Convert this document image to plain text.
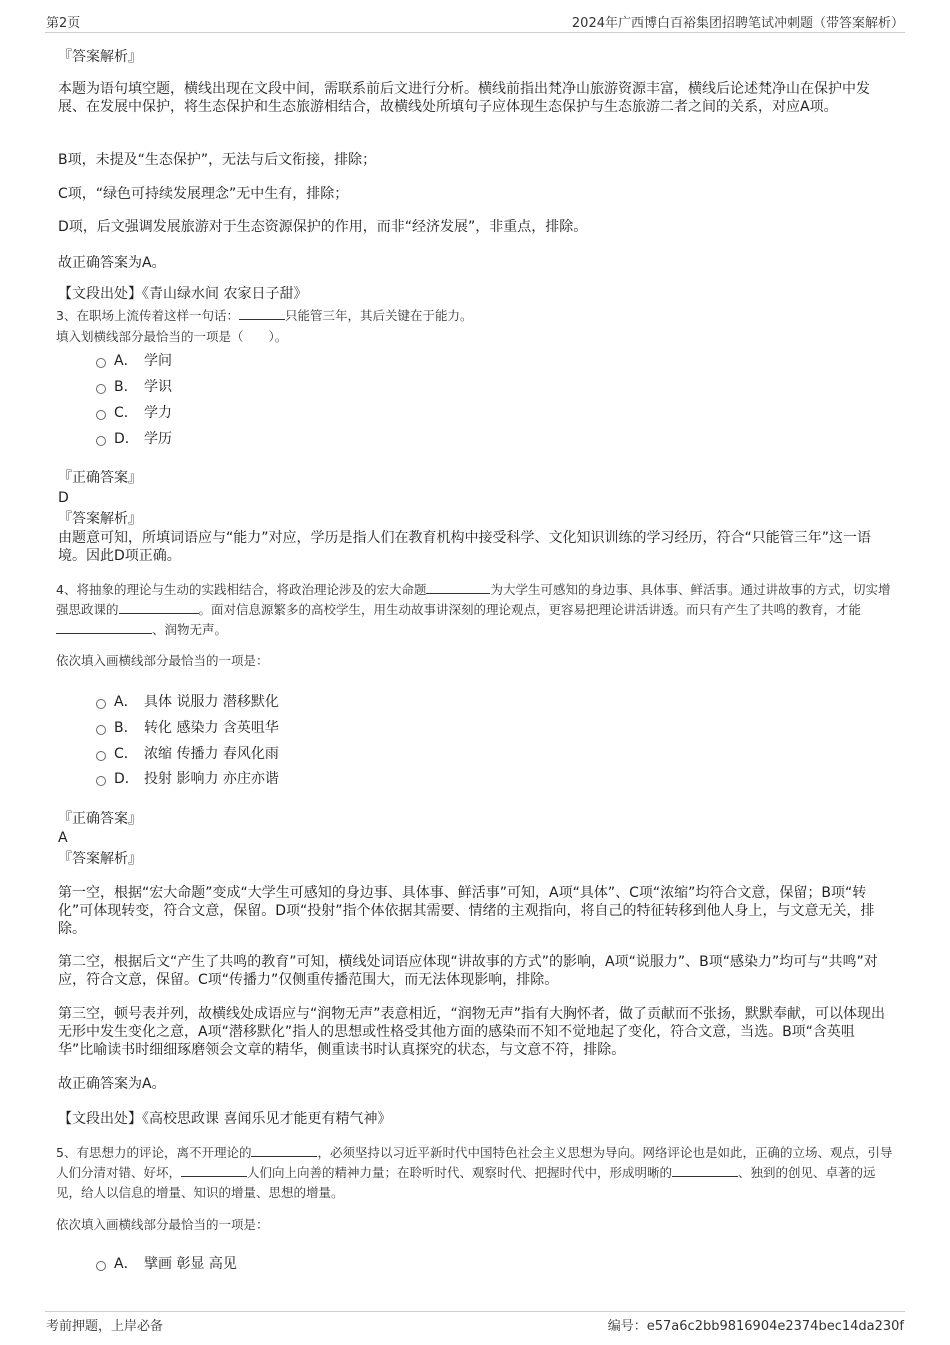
第2页	2024年广西博白百裕集团招聘笔试冲刺题（带答案解析）
『答案解析』
本题为语句填空题，横线出现在文段中间，需联系前后文进行分析。横线前指出梵净山旅游资源丰富，横线后论述梵净山在保护中发展、在发展中保护，将生态保护和生态旅游相结合，故横线处所填句子应体现生态保护与生态旅游二者之间的关系，对应A项。
B项，未提及“生态保护”，无法与后文衔接，排除；
C项，“绿色可持续发展理念”无中生有，排除；
D项，后文强调发展旅游对于生态资源保护的作用，而非“经济发展”，非重点，排除。
故正确答案为A。
【文段出处】《青山绿水间 农家日子甜》
3、在职场上流传着这样一句话：	只能管三年，其后关键在于能力。
填入划横线部分最恰当的一项是（　　）。
A． 学问
B． 学识
C． 学力
D． 学历
『正确答案』
D
『答案解析』
由题意可知，所填词语应与“能力”对应，学历是指人们在教育机构中接受科学、文化知识训练的学习经历，符合“只能管三年”这一语境。因此D项正确。
4、将抽象的理论与生动的实践相结合，将政治理论涉及的宏大命题	为大学生可感知的身边事、具体事、鲜活事。通过讲故事的方式，切实增强思政课的	。面对信息源繁多的高校学生，用生动故事讲深刻的理论观点，更容易把理论讲活讲透。而只有产生了共鸣的教育，才能、润物无声。
依次填入画横线部分最恰当的一项是：
A． 具体 说服力 潜移默化
B． 转化 感染力 含英咀华
C． 浓缩 传播力 春风化雨
D． 投射 影响力 亦庄亦谐
『正确答案』
A
『答案解析』
第一空，根据“宏大命题”变成“大学生可感知的身边事、具体事、鲜活事”可知，A项“具体”、C项“浓缩”均符合文意，保留；B项“转化”可体现转变，符合文意，保留。D项“投射”指个体依据其需要、情绪的主观指向，将自己的特征转移到他人身上，与文意无关，排除。
第二空，根据后文“产生了共鸣的教育”可知，横线处词语应体现“讲故事的方式”的影响，A项“说服力”、B项“感染力”均可与“共鸣”对应，符合文意，保留。C项“传播力”仅侧重传播范围大，而无法体现影响，排除。
第三空，顿号表并列，故横线处成语应与“润物无声”表意相近，“润物无声”指有大胸怀者，做了贡献而不张扬，默默奉献，可以体现出无形中发生变化之意，A项“潜移默化”指人的思想或性格受其他方面的感染而不知不觉地起了变化，符合文意，当选。B项“含英咀华”比喻读书时细细琢磨领会文章的精华，侧重读书时认真探究的状态，与文意不符，排除。
故正确答案为A。
【文段出处】《高校思政课 喜闻乐见才能更有精气神》
5、有思想力的评论，离不开理论的	，必须坚持以习近平新时代中国特色社会主义思想为导向。网络评论也是如此，正确的立场、观点，引导人们分清对错、好坏，	人们向上向善的精神力量；在聆听时代、观察时代、把握时代中，形成明晰的	、独到的创见、卓著的远见，给人以信息的增量、知识的增量、思想的增量。
依次填入画横线部分最恰当的一项是：
A． 擘画 彰显 高见
考前押题，上岸必备	编号：e57a6c2bb9816904e2374bec14da230f
